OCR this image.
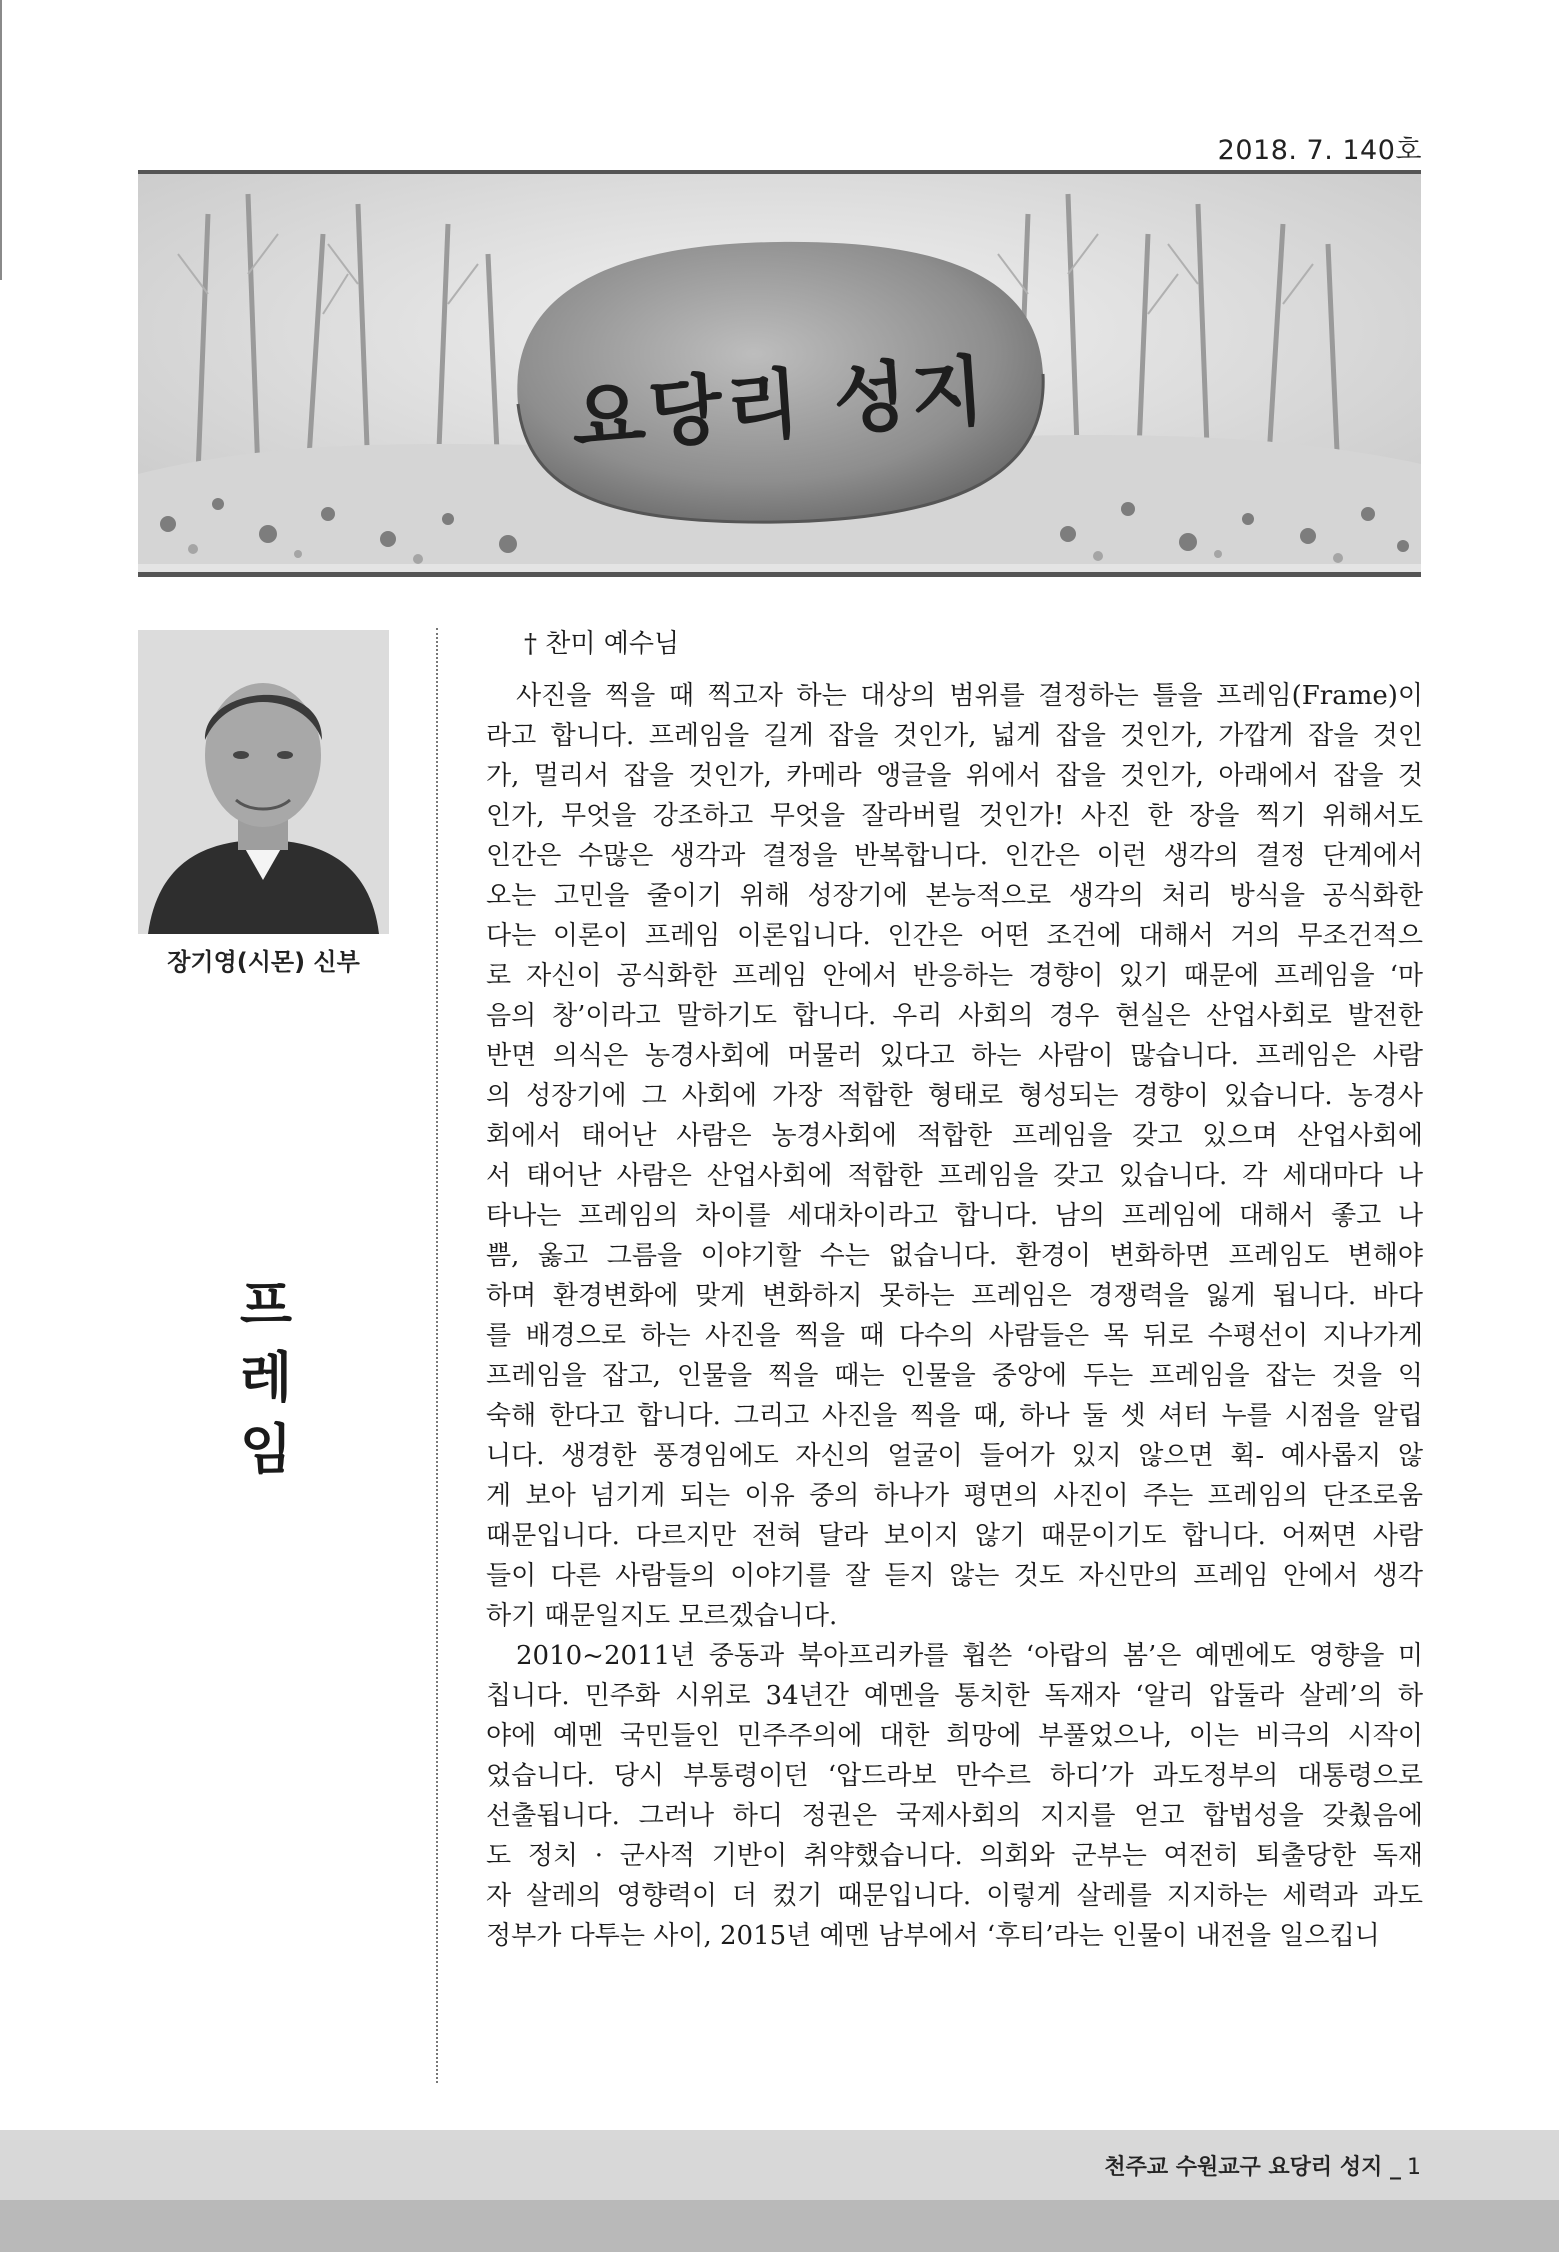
2018. 7. 140호
요당리 성지
장기영(시몬) 신부
프
레
임
† 찬미 예수님
사진을 찍을 때 찍고자 하는 대상의 범위를 결정하는 틀을 프레임(Frame)이
라고 합니다. 프레임을 길게 잡을 것인가, 넓게 잡을 것인가, 가깝게 잡을 것인
가, 멀리서 잡을 것인가, 카메라 앵글을 위에서 잡을 것인가, 아래에서 잡을 것
인가, 무엇을 강조하고 무엇을 잘라버릴 것인가! 사진 한 장을 찍기 위해서도
인간은 수많은 생각과 결정을 반복합니다. 인간은 이런 생각의 결정 단계에서
오는 고민을 줄이기 위해 성장기에 본능적으로 생각의 처리 방식을 공식화한
다는 이론이 프레임 이론입니다. 인간은 어떤 조건에 대해서 거의 무조건적으
로 자신이 공식화한 프레임 안에서 반응하는 경향이 있기 때문에 프레임을 ‘마
음의 창’이라고 말하기도 합니다. 우리 사회의 경우 현실은 산업사회로 발전한
반면 의식은 농경사회에 머물러 있다고 하는 사람이 많습니다. 프레임은 사람
의 성장기에 그 사회에 가장 적합한 형태로 형성되는 경향이 있습니다. 농경사
회에서 태어난 사람은 농경사회에 적합한 프레임을 갖고 있으며 산업사회에
서 태어난 사람은 산업사회에 적합한 프레임을 갖고 있습니다. 각 세대마다 나
타나는 프레임의 차이를 세대차이라고 합니다. 남의 프레임에 대해서 좋고 나
쁨, 옳고 그름을 이야기할 수는 없습니다. 환경이 변화하면 프레임도 변해야
하며 환경변화에 맞게 변화하지 못하는 프레임은 경쟁력을 잃게 됩니다. 바다
를 배경으로 하는 사진을 찍을 때 다수의 사람들은 목 뒤로 수평선이 지나가게
프레임을 잡고, 인물을 찍을 때는 인물을 중앙에 두는 프레임을 잡는 것을 익
숙해 한다고 합니다. 그리고 사진을 찍을 때, 하나 둘 셋 셔터 누를 시점을 알립
니다. 생경한 풍경임에도 자신의 얼굴이 들어가 있지 않으면 휙- 예사롭지 않
게 보아 넘기게 되는 이유 중의 하나가 평면의 사진이 주는 프레임의 단조로움
때문입니다. 다르지만 전혀 달라 보이지 않기 때문이기도 합니다. 어쩌면 사람
들이 다른 사람들의 이야기를 잘 듣지 않는 것도 자신만의 프레임 안에서 생각
하기 때문일지도 모르겠습니다.
2010~2011년 중동과 북아프리카를 휩쓴 ‘아랍의 봄’은 예멘에도 영향을 미
칩니다. 민주화 시위로 34년간 예멘을 통치한 독재자 ‘알리 압둘라 살레’의 하
야에 예멘 국민들인 민주주의에 대한 희망에 부풀었으나, 이는 비극의 시작이
었습니다. 당시 부통령이던 ‘압드라보 만수르 하디’가 과도정부의 대통령으로
선출됩니다. 그러나 하디 정권은 국제사회의 지지를 얻고 합법성을 갖췄음에
도 정치 · 군사적 기반이 취약했습니다. 의회와 군부는 여전히 퇴출당한 독재
자 살레의 영향력이 더 컸기 때문입니다. 이렇게 살레를 지지하는 세력과 과도
정부가 다투는 사이, 2015년 예멘 남부에서 ‘후티’라는 인물이 내전을 일으킵니
천주교 수원교구 요당리 성지 _ 1
